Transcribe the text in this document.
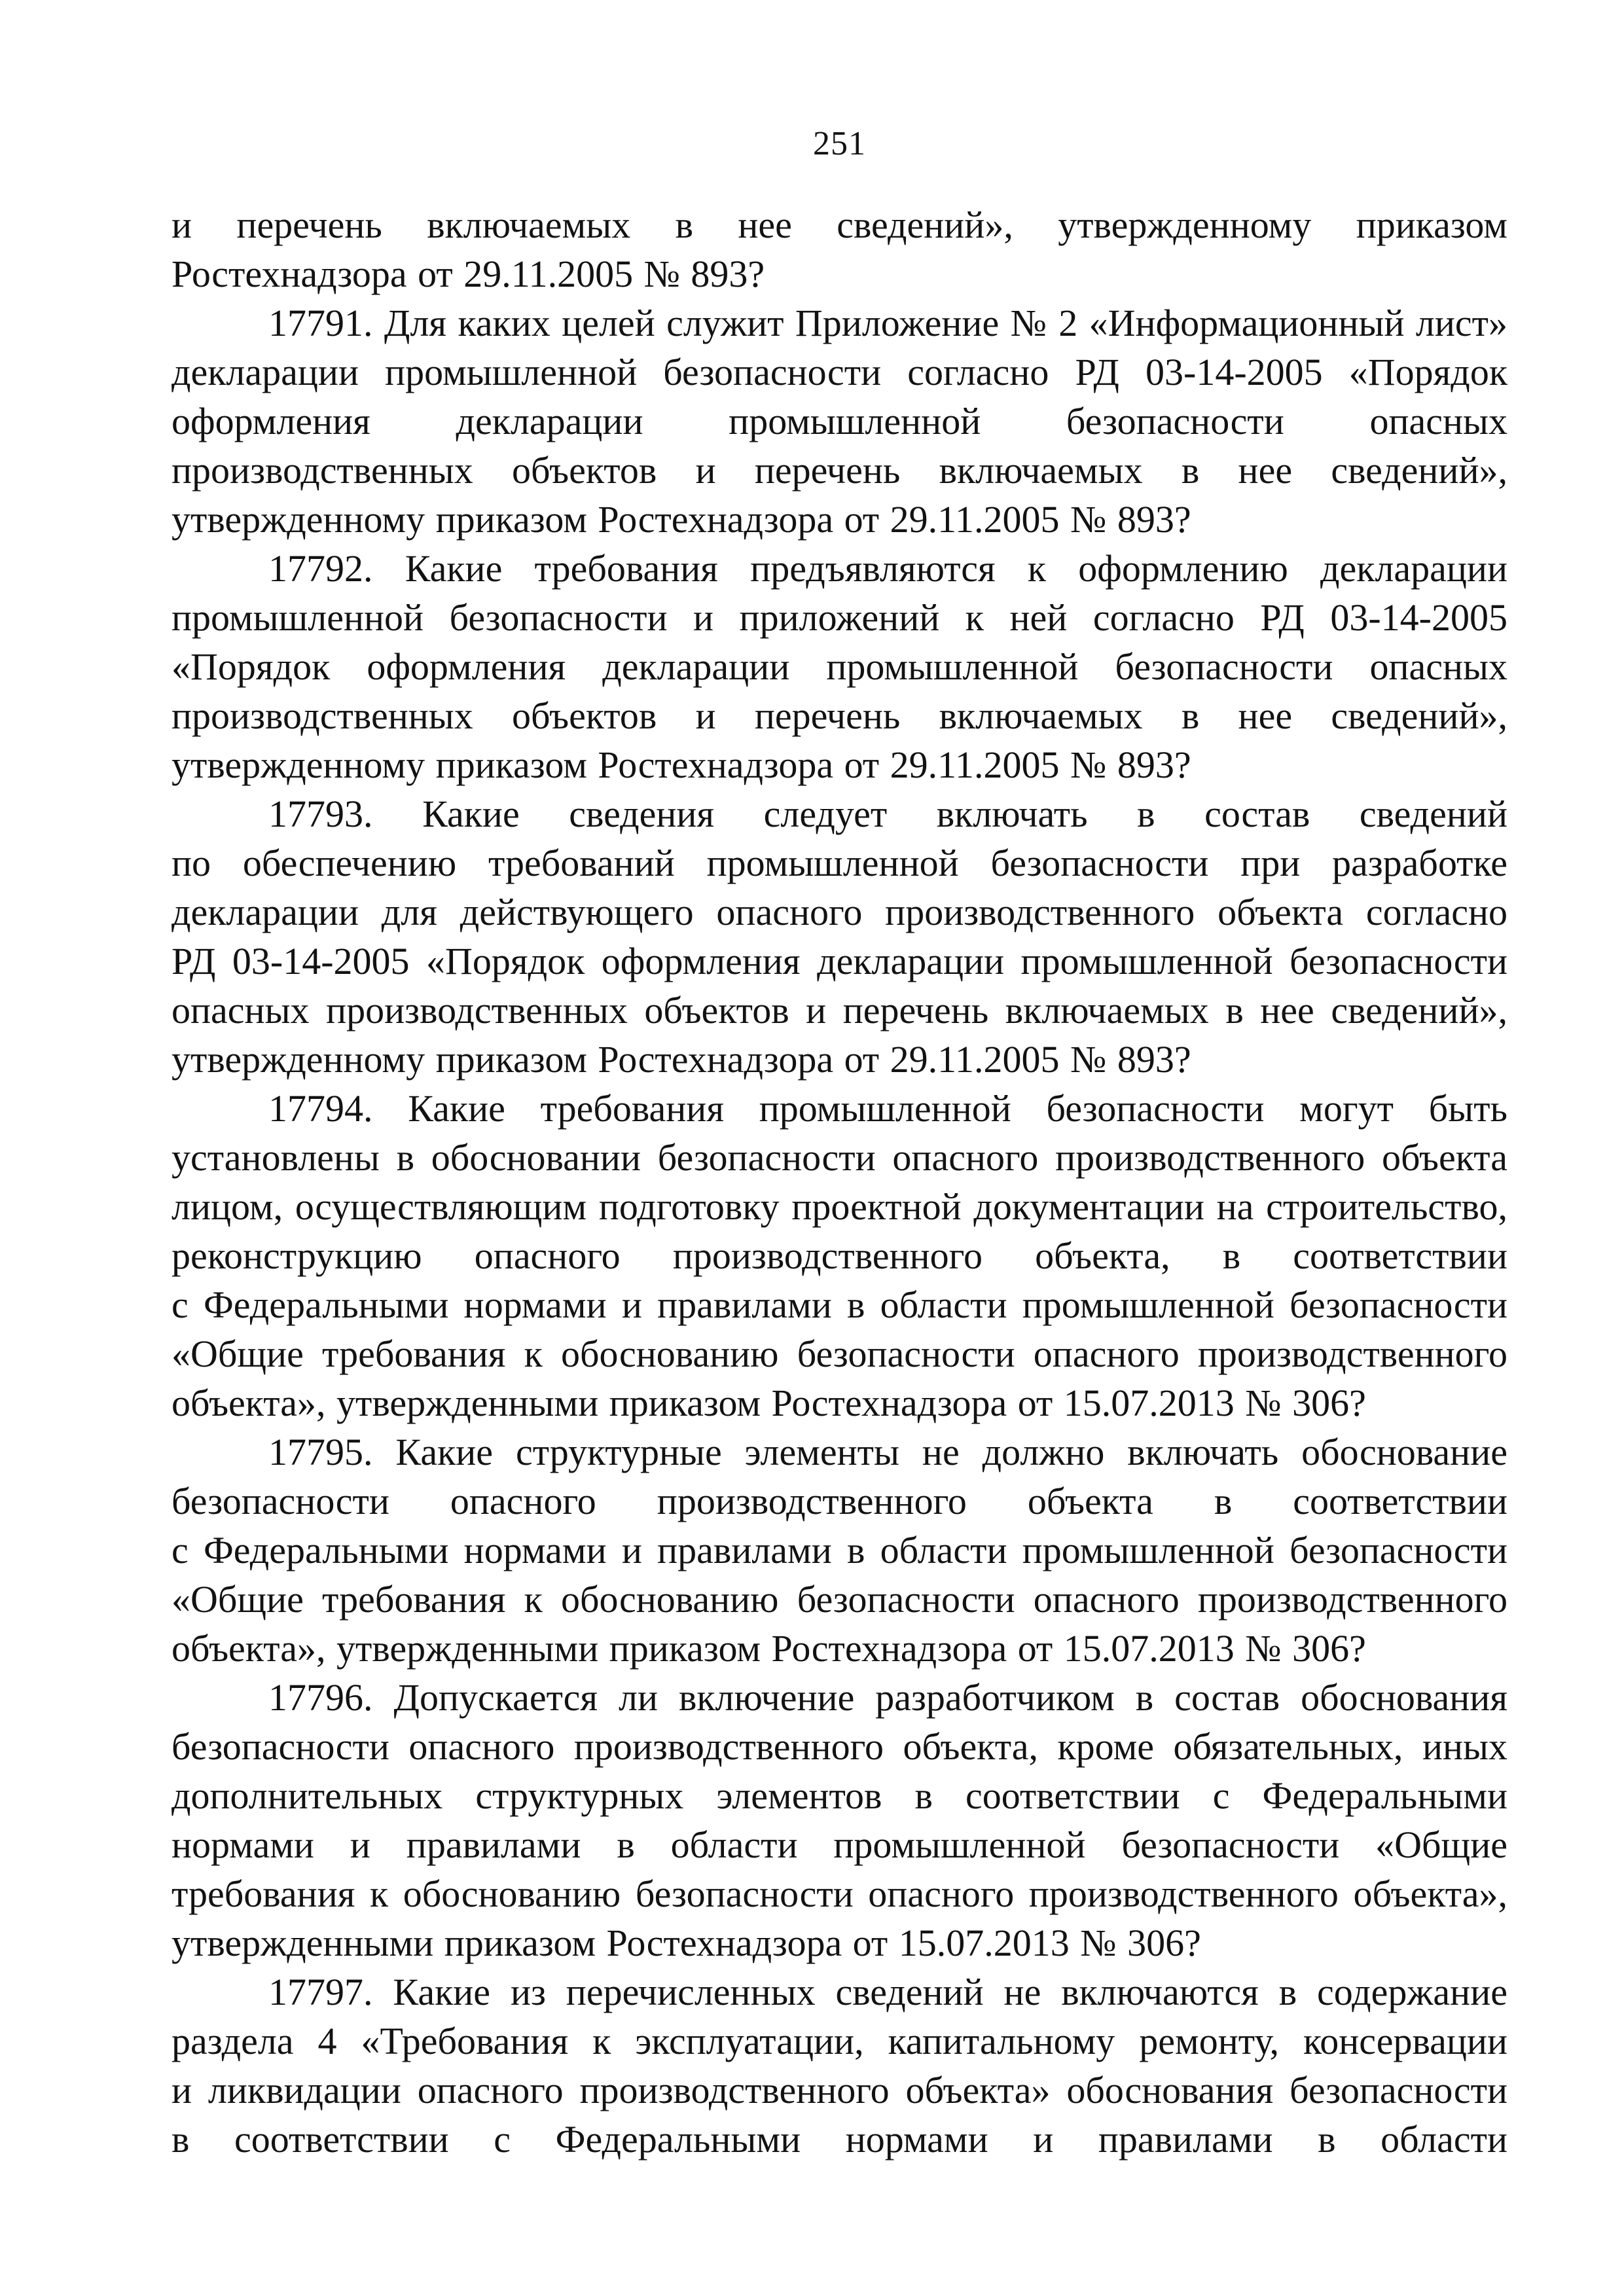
251

и перечень включаемых в нее сведений», утвержденному приказом Ростехнадзора от 29.11.2005 № 893?

17791. Для каких целей служит Приложение № 2 «Информационный лист» декларации промышленной безопасности согласно РД 03-14-2005 «Порядок оформления декларации промышленной безопасности опасных производственных объектов и перечень включаемых в нее сведений», утвержденному приказом Ростехнадзора от 29.11.2005 № 893?

17792. Какие требования предъявляются к оформлению декларации промышленной безопасности и приложений к ней согласно РД 03-14-2005 «Порядок оформления декларации промышленной безопасности опасных производственных объектов и перечень включаемых в нее сведений», утвержденному приказом Ростехнадзора от 29.11.2005 № 893?

17793. Какие сведения следует включать в состав сведений по обеспечению требований промышленной безопасности при разработке декларации для действующего опасного производственного объекта согласно РД 03-14-2005 «Порядок оформления декларации промышленной безопасности опасных производственных объектов и перечень включаемых в нее сведений», утвержденному приказом Ростехнадзора от 29.11.2005 № 893?

17794. Какие требования промышленной безопасности могут быть установлены в обосновании безопасности опасного производственного объекта лицом, осуществляющим подготовку проектной документации на строительство, реконструкцию опасного производственного объекта, в соответствии с Федеральными нормами и правилами в области промышленной безопасности «Общие требования к обоснованию безопасности опасного производственного объекта», утвержденными приказом Ростехнадзора от 15.07.2013 № 306?

17795. Какие структурные элементы не должно включать обоснование безопасности опасного производственного объекта в соответствии с Федеральными нормами и правилами в области промышленной безопасности «Общие требования к обоснованию безопасности опасного производственного объекта», утвержденными приказом Ростехнадзора от 15.07.2013 № 306?

17796. Допускается ли включение разработчиком в состав обоснования безопасности опасного производственного объекта, кроме обязательных, иных дополнительных структурных элементов в соответствии с Федеральными нормами и правилами в области промышленной безопасности «Общие требования к обоснованию безопасности опасного производственного объекта», утвержденными приказом Ростехнадзора от 15.07.2013 № 306?

17797. Какие из перечисленных сведений не включаются в содержание раздела 4 «Требования к эксплуатации, капитальному ремонту, консервации и ликвидации опасного производственного объекта» обоснования безопасности в соответствии с Федеральными нормами и правилами в области
